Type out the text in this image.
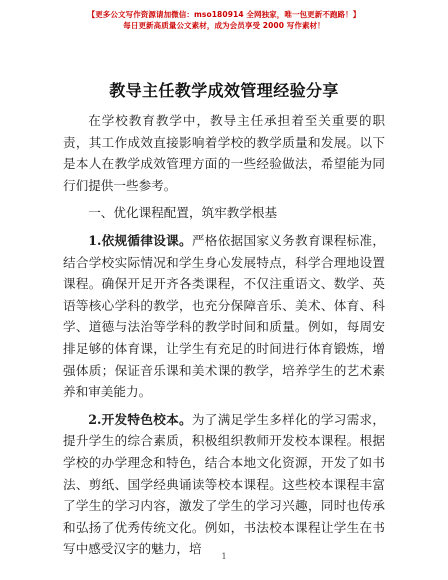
【更多公文写作资源请加微信：mso180914 全网独家，唯一包更新不跑路！】
每日更新高质量公文素材，成为会员享受 2000 写作素材！
教导主任教学成效管理经验分享

在学校教育教学中，教导主任承担着至关重要的职责，其工作成效直接影响着学校的教学质量和发展。以下是本人在教学成效管理方面的一些经验做法，希望能为同行们提供一些参考。

一、优化课程配置，筑牢教学根基

1.依规循律设课。严格依据国家义务教育课程标准，结合学校实际情况和学生身心发展特点，科学合理地设置课程。确保开足开齐各类课程，不仅注重语文、数学、英语等核心学科的教学，也充分保障音乐、美术、体育、科学、道德与法治等学科的教学时间和质量。例如，每周安排足够的体育课，让学生有充足的时间进行体育锻炼，增强体质；保证音乐课和美术课的教学，培养学生的艺术素养和审美能力。

2.开发特色校本。为了满足学生多样化的学习需求，提升学生的综合素质，积极组织教师开发校本课程。根据学校的办学理念和特色，结合本地文化资源，开发了如书法、剪纸、国学经典诵读等校本课程。这些校本课程丰富了学生的学习内容，激发了学生的学习兴趣，同时也传承和弘扬了优秀传统文化。例如，书法校本课程让学生在书写中感受汉字的魅力，培

1
